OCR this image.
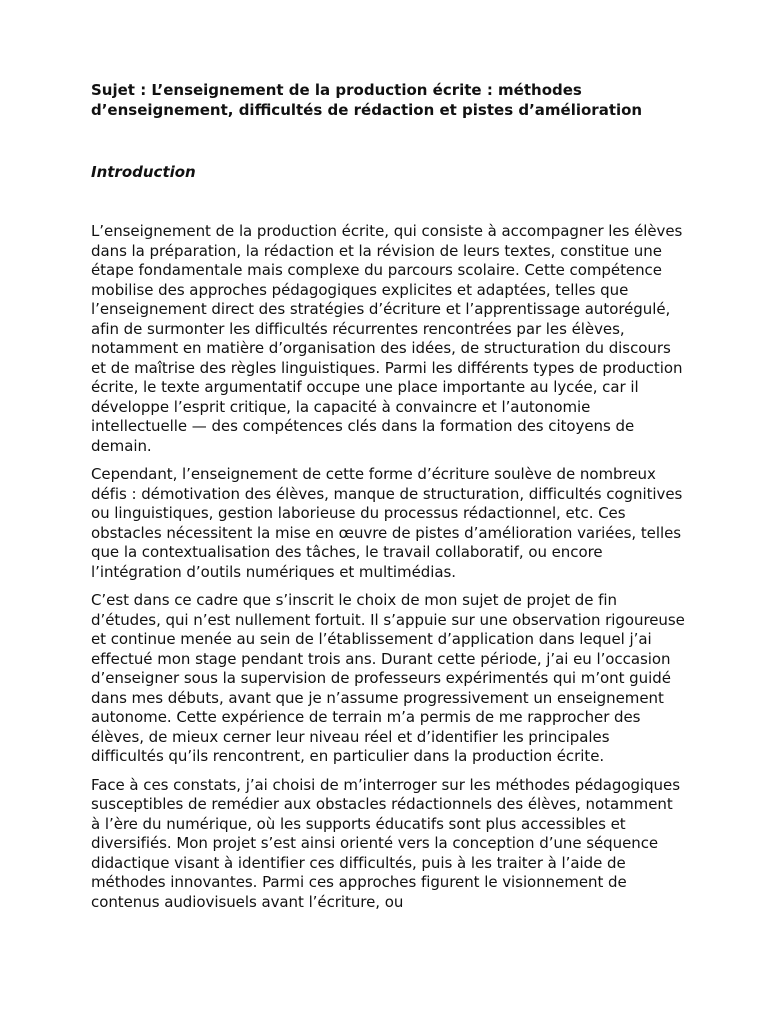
Sujet : L’enseignement de la production écrite : méthodes d’enseignement, difficultés de rédaction et pistes d’amélioration

Introduction

L’enseignement de la production écrite, qui consiste à accompagner les élèves dans la préparation, la rédaction et la révision de leurs textes, constitue une étape fondamentale mais complexe du parcours scolaire. Cette compétence mobilise des approches pédagogiques explicites et adaptées, telles que l’enseignement direct des stratégies d’écriture et l’apprentissage autorégulé, afin de surmonter les difficultés récurrentes rencontrées par les élèves, notamment en matière d’organisation des idées, de structuration du discours et de maîtrise des règles linguistiques. Parmi les différents types de production écrite, le texte argumentatif occupe une place importante au lycée, car il développe l’esprit critique, la capacité à convaincre et l’autonomie intellectuelle — des compétences clés dans la formation des citoyens de demain.

Cependant, l’enseignement de cette forme d’écriture soulève de nombreux défis : démotivation des élèves, manque de structuration, difficultés cognitives ou linguistiques, gestion laborieuse du processus rédactionnel, etc. Ces obstacles nécessitent la mise en œuvre de pistes d’amélioration variées, telles que la contextualisation des tâches, le travail collaboratif, ou encore l’intégration d’outils numériques et multimédias.

C’est dans ce cadre que s’inscrit le choix de mon sujet de projet de fin d’études, qui n’est nullement fortuit. Il s’appuie sur une observation rigoureuse et continue menée au sein de l’établissement d’application dans lequel j’ai effectué mon stage pendant trois ans. Durant cette période, j’ai eu l’occasion d’enseigner sous la supervision de professeurs expérimentés qui m’ont guidé dans mes débuts, avant que je n’assume progressivement un enseignement autonome. Cette expérience de terrain m’a permis de me rapprocher des élèves, de mieux cerner leur niveau réel et d’identifier les principales difficultés qu’ils rencontrent, en particulier dans la production écrite.

Face à ces constats, j’ai choisi de m’interroger sur les méthodes pédagogiques susceptibles de remédier aux obstacles rédactionnels des élèves, notamment à l’ère du numérique, où les supports éducatifs sont plus accessibles et diversifiés. Mon projet s’est ainsi orienté vers la conception d’une séquence didactique visant à identifier ces difficultés, puis à les traiter à l’aide de méthodes innovantes. Parmi ces approches figurent le visionnement de contenus audiovisuels avant l’écriture, ou
